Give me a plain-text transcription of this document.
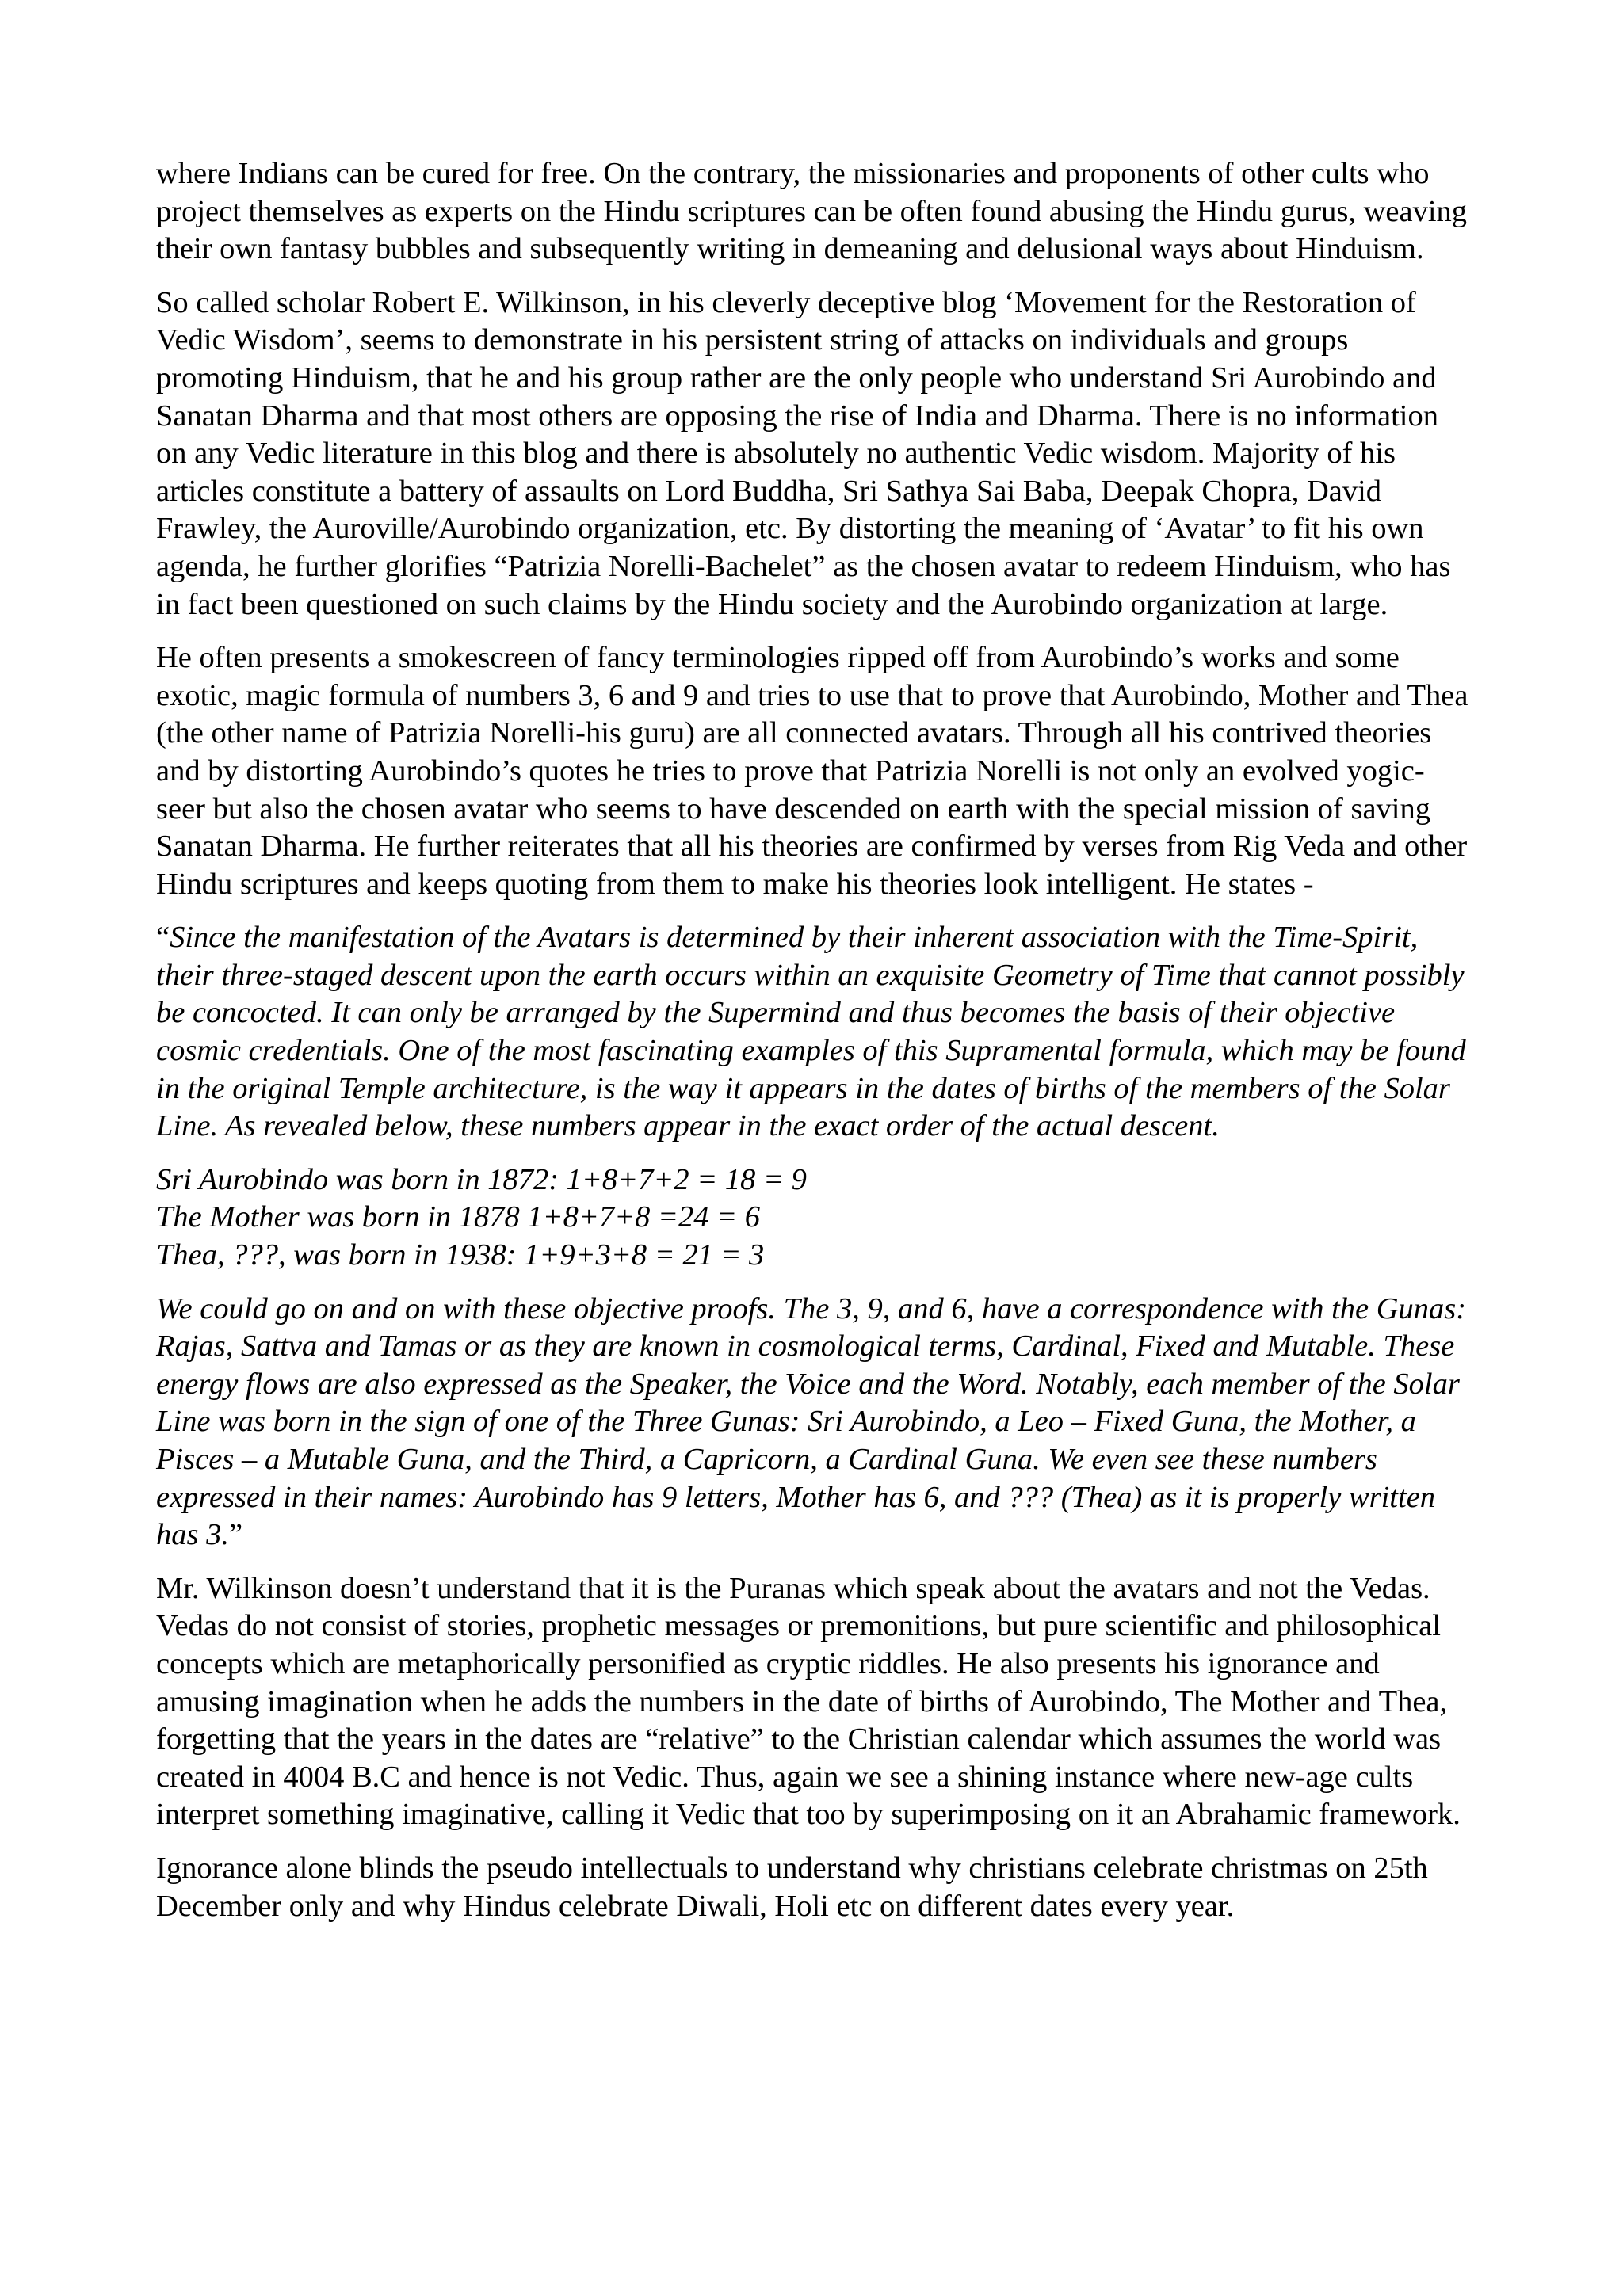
where Indians can be cured for free. On the contrary, the missionaries and proponents of other cults who project themselves as experts on the Hindu scriptures can be often found abusing the Hindu gurus, weaving their own fantasy bubbles and subsequently writing in demeaning and delusional ways about Hinduism.

So called scholar Robert E. Wilkinson, in his cleverly deceptive blog ‘Movement for the Restoration of Vedic Wisdom’, seems to demonstrate in his persistent string of attacks on individuals and groups promoting Hinduism, that he and his group rather are the only people who understand Sri Aurobindo and Sanatan Dharma and that most others are opposing the rise of India and Dharma. There is no information on any Vedic literature in this blog and there is absolutely no authentic Vedic wisdom. Majority of his articles constitute a battery of assaults on Lord Buddha, Sri Sathya Sai Baba, Deepak Chopra, David Frawley, the Auroville/Aurobindo organization, etc. By distorting the meaning of ‘Avatar’ to fit his own agenda, he further glorifies “Patrizia Norelli-Bachelet” as the chosen avatar to redeem Hinduism, who has in fact been questioned on such claims by the Hindu society and the Aurobindo organization at large.

He often presents a smokescreen of fancy terminologies ripped off from Aurobindo’s works and some exotic, magic formula of numbers 3, 6 and 9 and tries to use that to prove that Aurobindo, Mother and Thea (the other name of Patrizia Norelli-his guru) are all connected avatars. Through all his contrived theories and by distorting Aurobindo’s quotes he tries to prove that Patrizia Norelli is not only an evolved yogic-seer but also the chosen avatar who seems to have descended on earth with the special mission of saving Sanatan Dharma. He further reiterates that all his theories are confirmed by verses from Rig Veda and other Hindu scriptures and keeps quoting from them to make his theories look intelligent. He states -

“Since the manifestation of the Avatars is determined by their inherent association with the Time-Spirit, their three-staged descent upon the earth occurs within an exquisite Geometry of Time that cannot possibly be concocted. It can only be arranged by the Supermind and thus becomes the basis of their objective cosmic credentials. One of the most fascinating examples of this Supramental formula, which may be found in the original Temple architecture, is the way it appears in the dates of births of the members of the Solar Line. As revealed below, these numbers appear in the exact order of the actual descent.

Sri Aurobindo was born in 1872: 1+8+7+2 = 18 = 9
The Mother was born in 1878 1+8+7+8 =24 = 6
Thea, ???, was born in 1938: 1+9+3+8 = 21 = 3

We could go on and on with these objective proofs. The 3, 9, and 6, have a correspondence with the Gunas: Rajas, Sattva and Tamas or as they are known in cosmological terms, Cardinal, Fixed and Mutable. These energy flows are also expressed as the Speaker, the Voice and the Word. Notably, each member of the Solar Line was born in the sign of one of the Three Gunas: Sri Aurobindo, a Leo – Fixed Guna, the Mother, a Pisces – a Mutable Guna, and the Third, a Capricorn, a Cardinal Guna. We even see these numbers expressed in their names: Aurobindo has 9 letters, Mother has 6, and ??? (Thea) as it is properly written has 3.”

Mr. Wilkinson doesn’t understand that it is the Puranas which speak about the avatars and not the Vedas. Vedas do not consist of stories, prophetic messages or premonitions, but pure scientific and philosophical concepts which are metaphorically personified as cryptic riddles. He also presents his ignorance and amusing imagination when he adds the numbers in the date of births of Aurobindo, The Mother and Thea, forgetting that the years in the dates are “relative” to the Christian calendar which assumes the world was created in 4004 B.C and hence is not Vedic. Thus, again we see a shining instance where new-age cults interpret something imaginative, calling it Vedic that too by superimposing on it an Abrahamic framework.

Ignorance alone blinds the pseudo intellectuals to understand why christians celebrate christmas on 25th December only and why Hindus celebrate Diwali, Holi etc on different dates every year.
